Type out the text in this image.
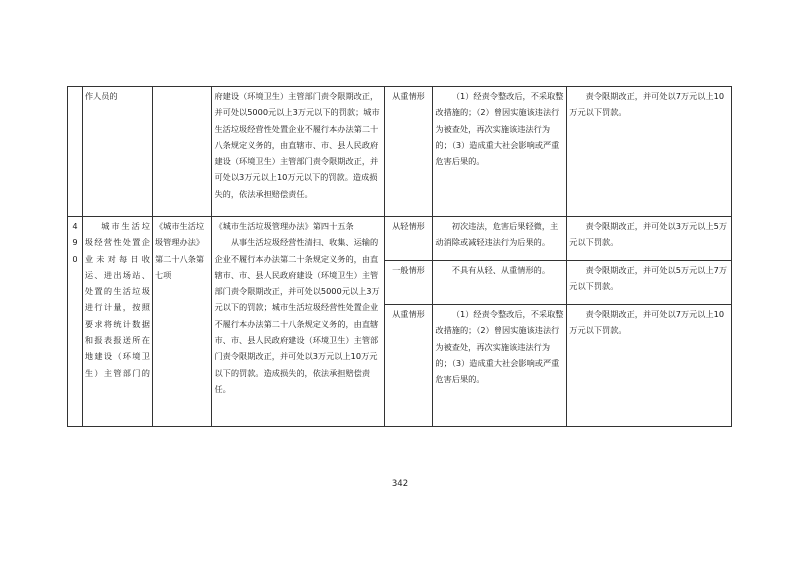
	作人员的		府建设（环境卫生）主管部门责令限期改正，并可处以5000元以上3万元以下的罚款；城市生活垃圾经营性处置企业不履行本办法第二十八条规定义务的，由直辖市、市、县人民政府建设（环境卫生）主管部门责令限期改正，并可处以3万元以上10万元以下的罚款。造成损失的，依法承担赔偿责任。	从重情形	（1）经责令整改后，不采取整改措施的；（2）曾因实施该违法行为被查处，再次实施该违法行为的；（3）造成重大社会影响或严重危害后果的。	责令限期改正，并可处以7万元以上10万元以下罚款。

490	城市生活垃圾经营性处置企业未对每日收运、进出场站、处置的生活垃圾进行计量，按照要求将统计数据和报表报送所在地建设（环境卫生）主管部门的	《城市生活垃圾管理办法》第二十八条第七项	《城市生活垃圾管理办法》第四十五条
从事生活垃圾经营性清扫、收集、运输的企业不履行本办法第二十条规定义务的，由直辖市、市、县人民政府建设（环境卫生）主管部门责令限期改正，并可处以5000元以上3万元以下的罚款；城市生活垃圾经营性处置企业不履行本办法第二十八条规定义务的，由直辖市、市、县人民政府建设（环境卫生）主管部门责令限期改正，并可处以3万元以上10万元以下的罚款。造成损失的，依法承担赔偿责任。	从轻情形	初次违法，危害后果轻微，主动消除或减轻违法行为后果的。	责令限期改正，并可处以3万元以上5万元以下罚款。

				一般情形	不具有从轻、从重情形的。	责令限期改正，并可处以5万元以上7万元以下罚款。

				从重情形	（1）经责令整改后，不采取整改措施的；（2）曾因实施该违法行为被查处，再次实施该违法行为的；（3）造成重大社会影响或严重危害后果的。	责令限期改正，并可处以7万元以上10万元以下罚款。
342
